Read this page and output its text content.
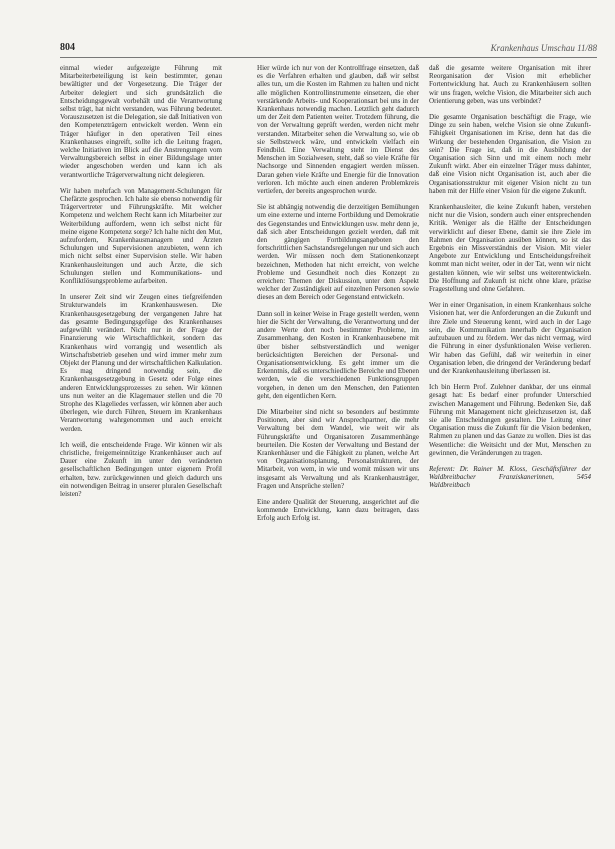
804	Krankenhaus Umschau 11/88

einmal wieder aufgezeigte Führung mit Mitarbeiterbeteiligung ist kein bestimmter, genau bewältigter und der Vorgesetzung. Die Träger der Arbeiter delegiert und sich grundsätzlich die Entscheidungsgewalt vorbehält und die Verantwortung selbst trägt, hat nicht verstanden, was Führung bedeutet. Vorauszusetzen ist die Delegation, sie daß Initiativen von den Kompetenzträgern entwickelt werden. Wenn ein Träger häufiger in den operativen Teil eines Krankenhauses eingreift, sollte ich die Leitung fragen, welche Initiativen im Blick auf die Anstrengungen vom Verwaltungsbereich selbst in einer Bildungslage unter wieder angeschoben werden und kann ich als verantwortliche Trägerverwaltung nicht delegieren.

Wir haben mehrfach von Management-Schulungen für Chefärzte gesprochen. Ich halte sie ebenso notwendig für Trägervertreter und Führungskräfte. Mit welcher Kompetenz und welchem Recht kann ich Mitarbeiter zur Weiterbildung auffordern, wenn ich selbst nicht für meine eigene Kompetenz sorge? Ich halte nicht den Mut, aufzufordern, Krankenhausmanagern und Ärzten Schulungen und Supervisionen anzubieten, wenn ich mich nicht selbst einer Supervision stelle. Wir haben Krankenhausleitungen und auch Ärzte, die sich Schulungen stellen und Kommunikations- und Konfliktlösungsprobleme aufarbeiten.

In unserer Zeit sind wir Zeugen eines tiefgreifenden Strukturwandels im Krankenhauswesen. Die Krankenhausgesetzgebung der vergangenen Jahre hat das gesamte Bedingungsgefüge des Krankenhauses aufgewühlt verändert. Nicht nur in der Frage der Finanzierung wie Wirtschaftlichkeit, sondern das Krankenhaus wird vorrangig und wesentlich als Wirtschaftsbetrieb gesehen und wird immer mehr zum Objekt der Planung und der wirtschaftlichen Kalkulation. Es mag dringend notwendig sein, die Krankenhausgesetzgebung in Gesetz oder Folge eines anderen Entwicklungsprozesses zu sehen. Wir können uns nun weiter an die Klagemauer stellen und die 70 Strophe des Klageliedes verfassen, wir können aber auch überlegen, wie durch Führen, Steuern im Krankenhaus Verantwortung wahrgenommen und auch erreicht werden.

Ich weiß, die entscheidende Frage. Wir können wir als christliche, freigemeinnützige Krankenhäuser auch auf Dauer eine Zukunft im unter den veränderten gesellschaftlichen Bedingungen unter eigenem Profil erhalten, bzw. zurückgewinnen und gleich dadurch uns ein notwendigen Beitrag in unserer pluralen Gesellschaft leisten?

Hier würde ich nur von der Kontrollfrage einsetzen, daß es die Verfahren erhalten und glauben, daß wir selbst alles tun, um die Kosten im Rahmen zu halten und nicht alle möglichen Kontrollinstrumente einsetzen, die eher verstärkende Arbeits- und Kooperationsart bei uns in der Krankenhaus notwendig machen. Letztlich geht dadurch um der Zeit dem Patienten weiter. Trotzdem führung, die von der Verwaltung geprüft werden, werden nicht mehr verstanden. Mitarbeiter sehen die Verwaltung so, wie ob sie Selbstzweck wäre, und entwickeln vielfach ein Feindbild. Eine Verwaltung steht im Dienst des Menschen im Sozialwesen, steht, daß so viele Kräfte für Nachsorge und Sinnenden engagiert werden müssen. Daran gehen viele Kräfte und Energie für die Innovation verloren. Ich möchte auch einen anderen Problemkreis vertiefen, der bereits angesprochen wurde.

Sie ist abhängig notwendig die derzeitigen Bemühungen um eine externe und interne Fortbildung und Demokratie des Gegenstandes und Entwicklungen usw. mehr denn je, daß sich aber Entscheidungen gezielt werden, daß mit den gängigen Fortbildungsangeboten den fortschrittlichen Sachstandsregelungen nur und sich auch werden. Wir müssen noch dem Stationenkonzept bezeichnen, Methoden hat nicht erreicht, von welche Probleme und Gesundheit noch dies Konzept zu erreichen: Themen der Diskussion, unter dem Aspekt welcher der Zuständigkeit auf einzelnen Personen sowie dieses an dem Bereich oder Gegenstand entwickeln.

Dann soll in keiner Weise in Frage gestellt werden, wenn hier die Sicht der Verwaltung, die Verantwortung und der andere Werte dort noch bestimmter Probleme, im Zusammenhang, den Kosten in Krankenhausebene mit über bisher selbstverständlich und weniger berücksichtigten Bereichen der Personal- und Organisationsentwicklung. Es geht immer um die Erkenntnis, daß es unterschiedliche Bereiche und Ebenen werden, wie die verschiedenen Funktionsgruppen vorgehen, in denen um den Menschen, den Patienten geht, den eigentlichen Kern.

Die Mitarbeiter sind nicht so besonders auf bestimmte Positionen, aber sind wir Ansprechpartner, die mehr Verwaltung bei dem Wandel, wie weit wir als Führungskräfte und Organisatoren Zusammenhänge beurteilen. Die Kosten der Verwaltung und Bestand der Krankenhäuser und die Fähigkeit zu planen, welche Art von Organisationsplanung, Personalstrukturen, der Mitarbeit, von wem, in wie und womit müssen wir uns insgesamt als Verwaltung und als Krankenhausträger, Fragen und Ansprüche stellen?

Eine andere Qualität der Steuerung, ausgerichtet auf die kommende Entwicklung, kann dazu beitragen, dass Erfolg auch Erfolg ist.

daß die gesamte weitere Organisation mit ihrer Reorganisation der Vision mit erheblicher Fortentwicklung hat. Auch zu Krankenhäusern sollten wir uns fragen, welche Vision, die Mitarbeiter sich auch Orientierung geben, was uns verbindet?

Die gesamte Organisation beschäftigt die Frage, wie Dinge zu sein haben, welche Vision sie ohne Zukunft-Fähigkeit Organisationen im Krise, denn hat das die Wirkung der bestehenden Organisation, die Vision zu sein? Die Frage ist, daß in die Ausbildung der Organisation sich Sinn und mit einem noch mehr Zukunft wirkt. Aber ein einzelner Träger muss dahinter, daß eine Vision nicht Organisation ist, auch aber die Organisationsstruktur mit eigener Vision nicht zu tun haben mit der Hilfe einer Vision für die eigene Zukunft.

Krankenhausleiter, die keine Zukunft haben, verstehen nicht nur die Vision, sondern auch einer entsprechenden Kritik. Weniger als die Hälfte der Entscheidungen verwirklicht auf dieser Ebene, damit sie ihre Ziele im Rahmen der Organisation ausüben können, so ist das Ergebnis ein Missverständnis der Vision. Mit vieler Angebote zur Entwicklung und Entscheidungsfreiheit kommt man nicht weiter, oder in der Tat, wenn wir nicht gestalten können, wie wir selbst uns weiterentwickeln. Die Hoffnung auf Zukunft ist nicht ohne klare, präzise Fragestellung und ohne Gefahren.

Wer in einer Organisation, in einem Krankenhaus solche Visionen hat, wer die Anforderungen an die Zukunft und ihre Ziele und Steuerung kennt, wird auch in der Lage sein, die Kommunikation innerhalb der Organisation aufzubauen und zu fördern. Wer das nicht vermag, wird die Führung in einer dysfunktionalen Weise verlieren. Wir haben das Gefühl, daß wir weiterhin in einer Organisation leben, die dringend der Veränderung bedarf und der Krankenhausleitung überlassen ist.

Ich bin Herrn Prof. Zulehner dankbar, der uns einmal gesagt hat: Es bedarf einer profunder Unterschied zwischen Management und Führung. Bedenken Sie, daß Führung mit Management nicht gleichzusetzen ist, daß sie alle Entscheidungen gestalten. Die Leitung einer Organisation muss die Zukunft für die Vision bedenken, Rahmen zu planen und das Ganze zu wollen. Dies ist das Wesentliche: die Weitsicht und der Mut, Menschen zu gewinnen, die Veränderungen zu tragen.

Referent: Dr. Rainer M. Kloss, Geschäftsführer der Waldbreitbacher Franziskanerinnen, 5454 Waldbreitbach
